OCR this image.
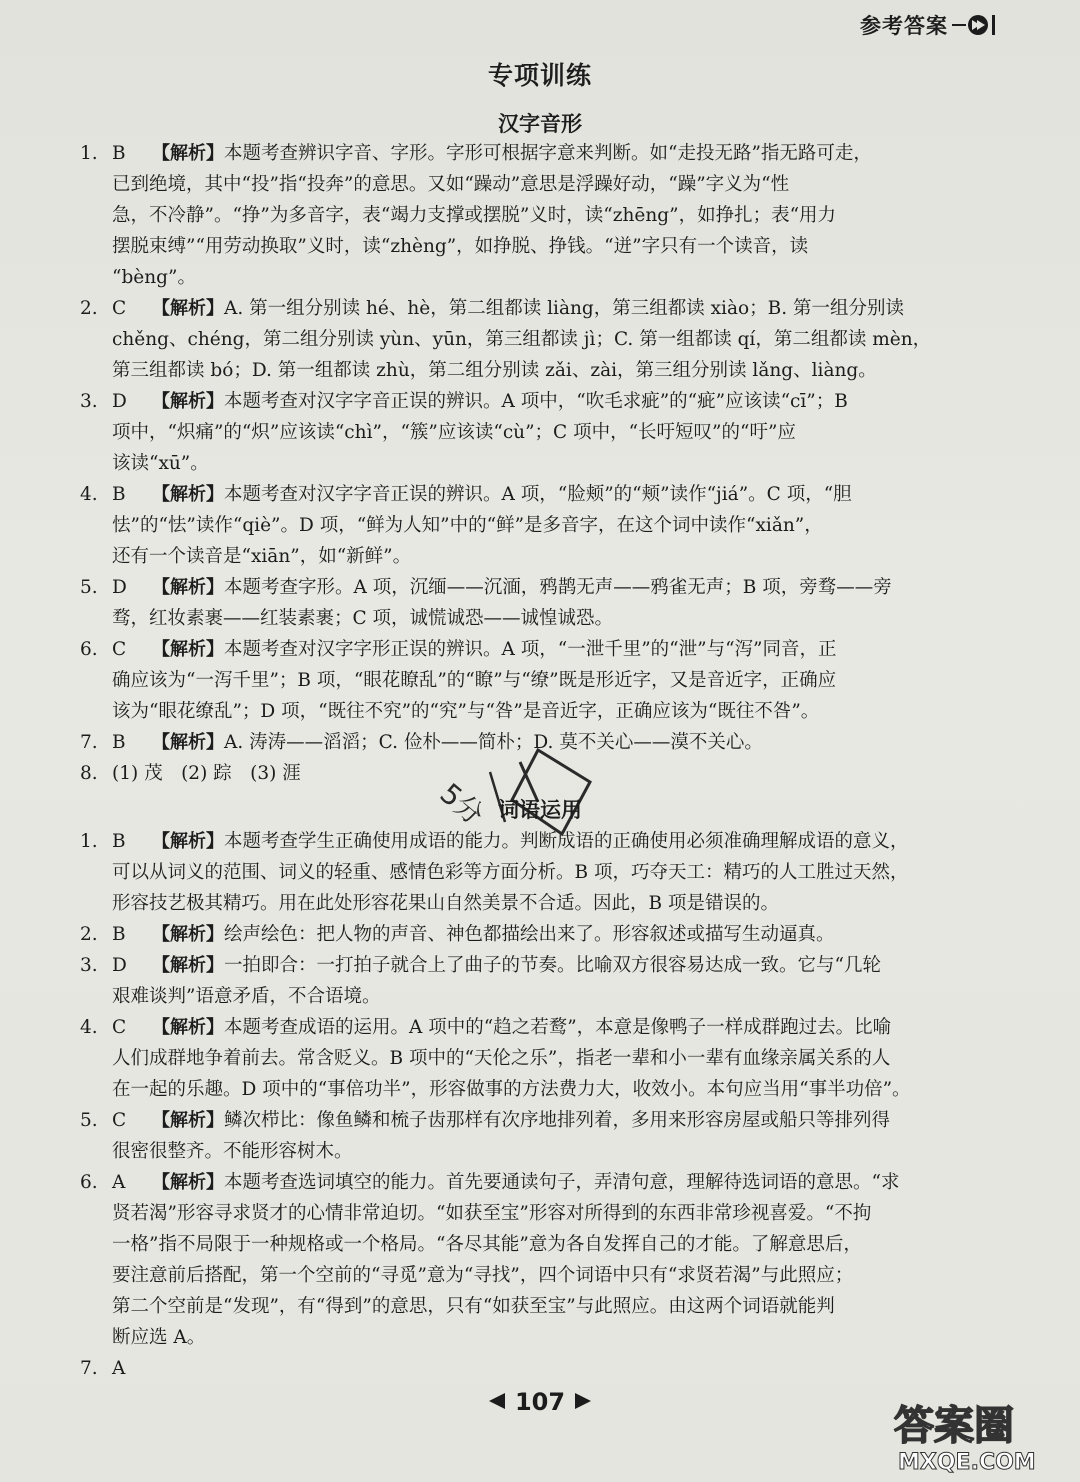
参考答案
专项训练
汉字音形
1. B 【解析】本题考查辨识字音、字形。字形可根据字意来判断。如“走投无路”指无路可走，
已到绝境，其中“投”指“投奔”的意思。又如“躁动”意思是浮躁好动，“躁”字义为“性
急，不冷静”。“挣”为多音字，表“竭力支撑或摆脱”义时，读“zhēng”，如挣扎；表“用力
摆脱束缚”“用劳动换取”义时，读“zhèng”，如挣脱、挣钱。“迸”字只有一个读音，读
“bèng”。
2. C 【解析】A. 第一组分别读 hé、hè，第二组都读 liàng，第三组都读 xiào；B. 第一组分别读
chěng、chéng，第二组分别读 yùn、yūn，第三组都读 jì；C. 第一组都读 qí，第二组都读 mèn，
第三组都读 bó；D. 第一组都读 zhù，第二组分别读 zǎi、zài，第三组分别读 lǎng、liàng。
3. D 【解析】本题考查对汉字字音正误的辨识。A 项中，“吹毛求疵”的“疵”应该读“cī”；B
项中，“炽痛”的“炽”应该读“chì”，“簇”应该读“cù”；C 项中，“长吁短叹”的“吁”应
该读“xū”。
4. B 【解析】本题考查对汉字字音正误的辨识。A 项，“脸颊”的“颊”读作“jiá”。C 项，“胆
怯”的“怯”读作“qiè”。D 项，“鲜为人知”中的“鲜”是多音字，在这个词中读作“xiǎn”，
还有一个读音是“xiān”，如“新鲜”。
5. D 【解析】本题考查字形。A 项，沉缅——沉湎，鸦鹊无声——鸦雀无声；B 项，旁骛——旁
骛，红妆素裹——红装素裹；C 项，诚慌诚恐——诚惶诚恐。
6. C 【解析】本题考查对汉字字形正误的辨识。A 项，“一泄千里”的“泄”与“泻”同音，正
确应该为“一泻千里”；B 项，“眼花瞭乱”的“瞭”与“缭”既是形近字，又是音近字，正确应
该为“眼花缭乱”；D 项，“既往不究”的“究”与“咎”是音近字，正确应该为“既往不咎”。
7. B 【解析】A. 涛涛——滔滔；C. 俭朴——简朴；D. 莫不关心——漠不关心。
8. (1) 茂　(2) 踪　(3) 涯
5分 词语运用
1. B 【解析】本题考查学生正确使用成语的能力。判断成语的正确使用必须准确理解成语的意义，
可以从词义的范围、词义的轻重、感情色彩等方面分析。B 项，巧夺天工：精巧的人工胜过天然，
形容技艺极其精巧。用在此处形容花果山自然美景不合适。因此，B 项是错误的。
2. B 【解析】绘声绘色：把人物的声音、神色都描绘出来了。形容叙述或描写生动逼真。
3. D 【解析】一拍即合：一打拍子就合上了曲子的节奏。比喻双方很容易达成一致。它与“几轮
艰难谈判”语意矛盾，不合语境。
4. C 【解析】本题考查成语的运用。A 项中的“趋之若鹜”，本意是像鸭子一样成群跑过去。比喻
人们成群地争着前去。常含贬义。B 项中的“天伦之乐”，指老一辈和小一辈有血缘亲属关系的人
在一起的乐趣。D 项中的“事倍功半”，形容做事的方法费力大，收效小。本句应当用“事半功倍”。
5. C 【解析】鳞次栉比：像鱼鳞和梳子齿那样有次序地排列着，多用来形容房屋或船只等排列得
很密很整齐。不能形容树木。
6. A 【解析】本题考查选词填空的能力。首先要通读句子，弄清句意，理解待选词语的意思。“求
贤若渴”形容寻求贤才的心情非常迫切。“如获至宝”形容对所得到的东西非常珍视喜爱。“不拘
一格”指不局限于一种规格或一个格局。“各尽其能”意为各自发挥自己的才能。了解意思后，
要注意前后搭配，第一个空前的“寻觅”意为“寻找”，四个词语中只有“求贤若渴”与此照应；
第二个空前是“发现”，有“得到”的意思，只有“如获至宝”与此照应。由这两个词语就能判
断应选 A。
7. A
107
答案圈
MXQE.COM
